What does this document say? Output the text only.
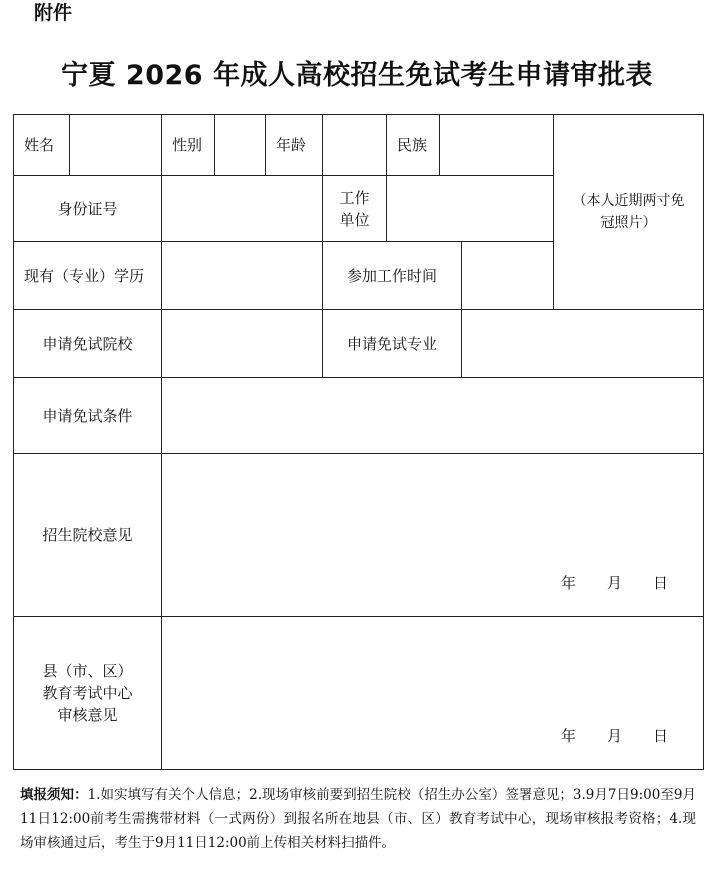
附件
宁夏 2026 年成人高校招生免试考生申请审批表
姓名		性别		年龄		民族			（本人近期两寸免冠照片）

身份证号					工作单位				
现有（专业）学历					参加工作时间				
申请免试院校					申请免试专业				
申请免试条件									
招生院校意见		年 月 日							

县（市、区）
教育考试中心
审核意见		年 月 日							
填报须知：1.如实填写有关个人信息；2.现场审核前要到招生院校（招生办公室）签署意见；3.9月7日9:00至9月11日12:00前考生需携带材料（一式两份）到报名所在地县（市、区）教育考试中心，现场审核报考资格；4.现场审核通过后，考生于9月11日12:00前上传相关材料扫描件。
